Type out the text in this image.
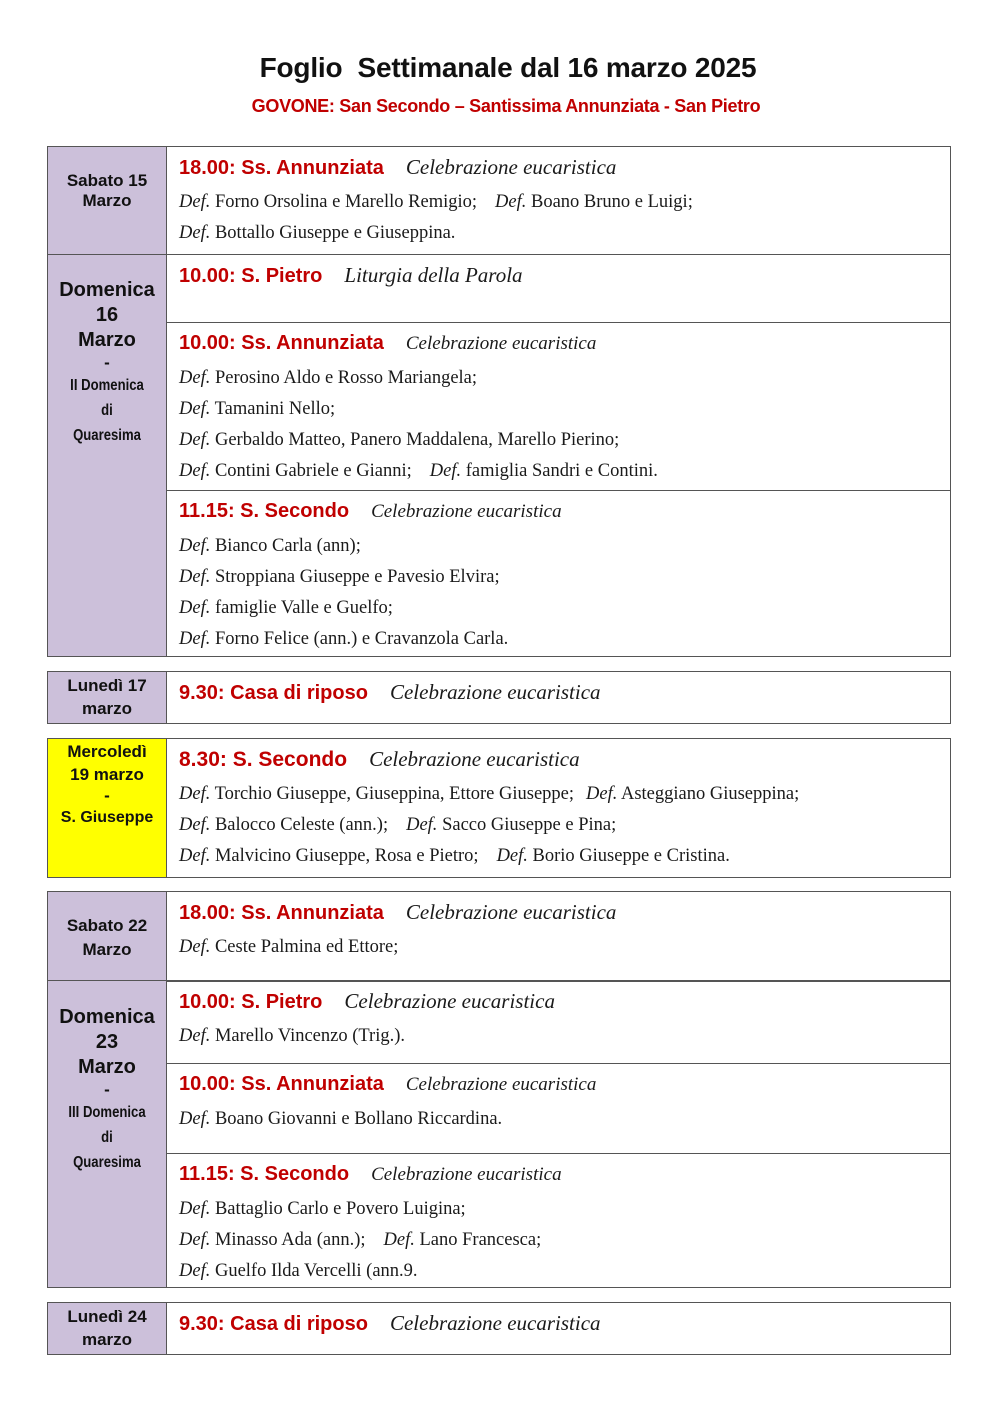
Foglio  Settimanale dal 16 marzo 2025
GOVONE: San Secondo – Santissima Annunziata - San Pietro
Sabato 15
Marzo
18.00: Ss. Annunziata Celebrazione eucaristica
Def. Forno Orsolina e Marello Remigio; Def. Boano Bruno e Luigi;
Def. Bottallo Giuseppe e Giuseppina.
Domenica
16
Marzo
-
II Domenica
di
Quaresima
10.00: S. Pietro Liturgia della Parola
10.00: Ss. Annunziata Celebrazione eucaristica
Def. Perosino Aldo e Rosso Mariangela;
Def. Tamanini Nello;
Def. Gerbaldo Matteo, Panero Maddalena, Marello Pierino;
Def. Contini Gabriele e Gianni; Def. famiglia Sandri e Contini.
11.15: S. Secondo Celebrazione eucaristica
Def. Bianco Carla (ann);
Def. Stroppiana Giuseppe e Pavesio Elvira;
Def. famiglie Valle e Guelfo;
Def. Forno Felice (ann.) e Cravanzola Carla.
Lunedì 17
marzo
9.30: Casa di riposo Celebrazione eucaristica
Mercoledì
19 marzo
-
S. Giuseppe
8.30: S. Secondo Celebrazione eucaristica
Def. Torchio Giuseppe, Giuseppina, Ettore Giuseppe; Def. Asteggiano Giuseppina;
Def. Balocco Celeste (ann.); Def. Sacco Giuseppe e Pina;
Def. Malvicino Giuseppe, Rosa e Pietro; Def. Borio Giuseppe e Cristina.
Sabato 22
Marzo
18.00: Ss. Annunziata Celebrazione eucaristica
Def. Ceste Palmina ed Ettore;
Domenica
23
Marzo
-
III Domenica
di
Quaresima
10.00: S. Pietro Celebrazione eucaristica
Def. Marello Vincenzo (Trig.).
10.00: Ss. Annunziata Celebrazione eucaristica
Def. Boano Giovanni e Bollano Riccardina.
11.15: S. Secondo Celebrazione eucaristica
Def. Battaglio Carlo e Povero Luigina;
Def. Minasso Ada (ann.); Def. Lano Francesca;
Def. Guelfo Ilda Vercelli (ann.9.
Lunedì 24
marzo
9.30: Casa di riposo Celebrazione eucaristica
